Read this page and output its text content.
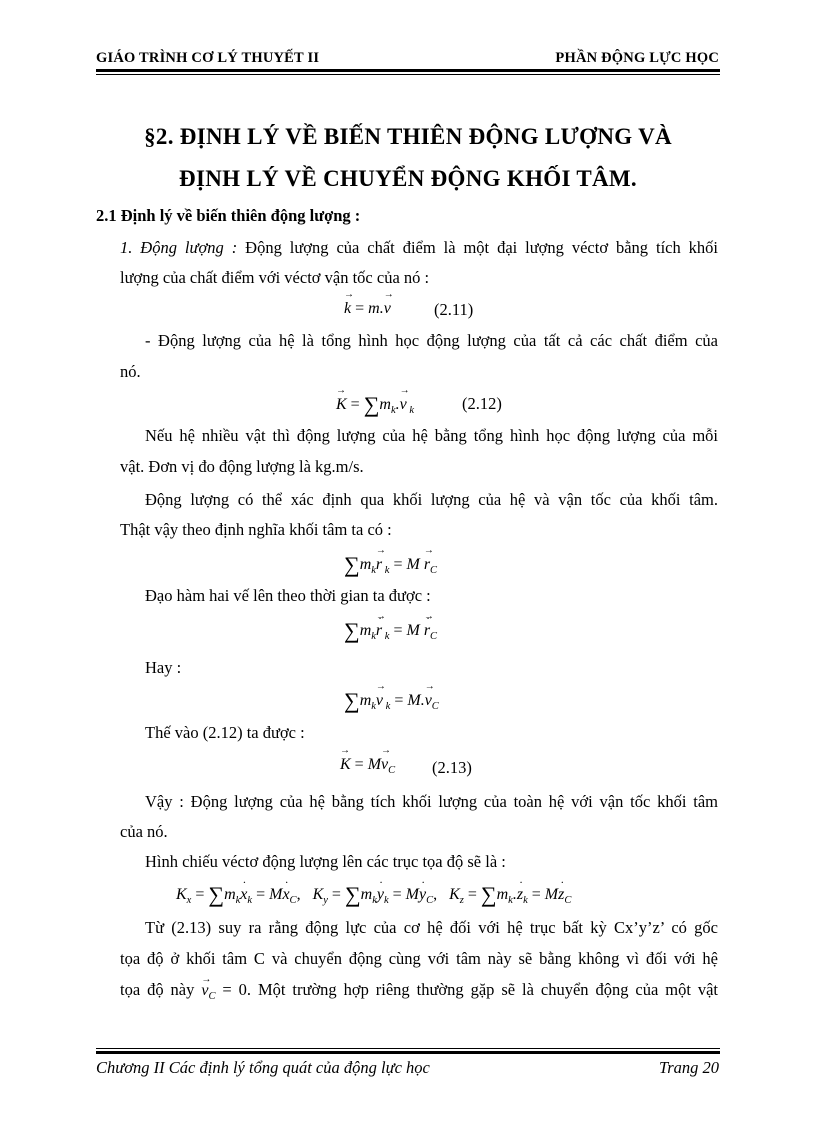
GIÁO TRÌNH CƠ LÝ THUYẾT II	PHẦN ĐỘNG LỰC HỌC
§2. ĐỊNH LÝ VỀ BIẾN THIÊN ĐỘNG LƯỢNG VÀ
ĐỊNH LÝ VỀ CHUYỂN ĐỘNG KHỐI TÂM.
2.1 Định lý về biến thiên động lượng :
1. Động lượng : Động lượng của chất điểm là một đại lượng véctơ bằng tích khối
lượng của chất điểm với véctơ vận tốc của nó :
→ k = m.→ v	(2.11)
- Động lượng của hệ là tổng hình học động lượng của tất cả các chất điểm của
nó.
→ $K = \sum m_k.\to v$ $_k$	(2.12)
Nếu hệ nhiều vật thì động lượng của hệ bằng tổng hình học động lượng của mỗi
vật. Đơn vị đo động lượng là kg.m/s.
Động lượng có thể xác định qua khối lượng của hệ và vận tốc của khối tâm.
Thật vậy theo định nghĩa khối tâm ta có :
$\sum m_k\to r$ $_k = M \to r_C$
Đạo hàm hai vế lên theo thời gian ta được :
$\sum m_k\to r$ ˙ $_k$ = M → r $˙_C$
Hay :
$\sum m_k\to v$ $_k = M.\to v_C$
Thế vào (2.12) ta được :
→ $K = M\to v_C$ (2.13)
Vậy : Động lượng của hệ bằng tích khối lượng của toàn hệ với vận tốc khối tâm
của nó.
Hình chiếu véctơ động lượng lên các trục tọa độ sẽ là :
$K_x = \sum m_kx$ $˙_k = Mx$ $˙_C$,   $K_y = \sum m_ky$ $˙_k = My$ $˙_C$,   $K_z = \sum m_k.z$ $˙_k = Mz$ $˙_C$
Từ (2.13) suy ra rằng động lực của cơ hệ đối với hệ trục bất kỳ Cx’y’z’ có gốc
tọa độ ở khối tâm C và chuyển động cùng với tâm này sẽ bằng không vì đối với hệ
tọa độ này → $v_C = 0$. Một trường hợp riêng thường gặp sẽ là chuyển động của một vật
Chương II Các định lý tổng quát của động lực học	Trang 20
